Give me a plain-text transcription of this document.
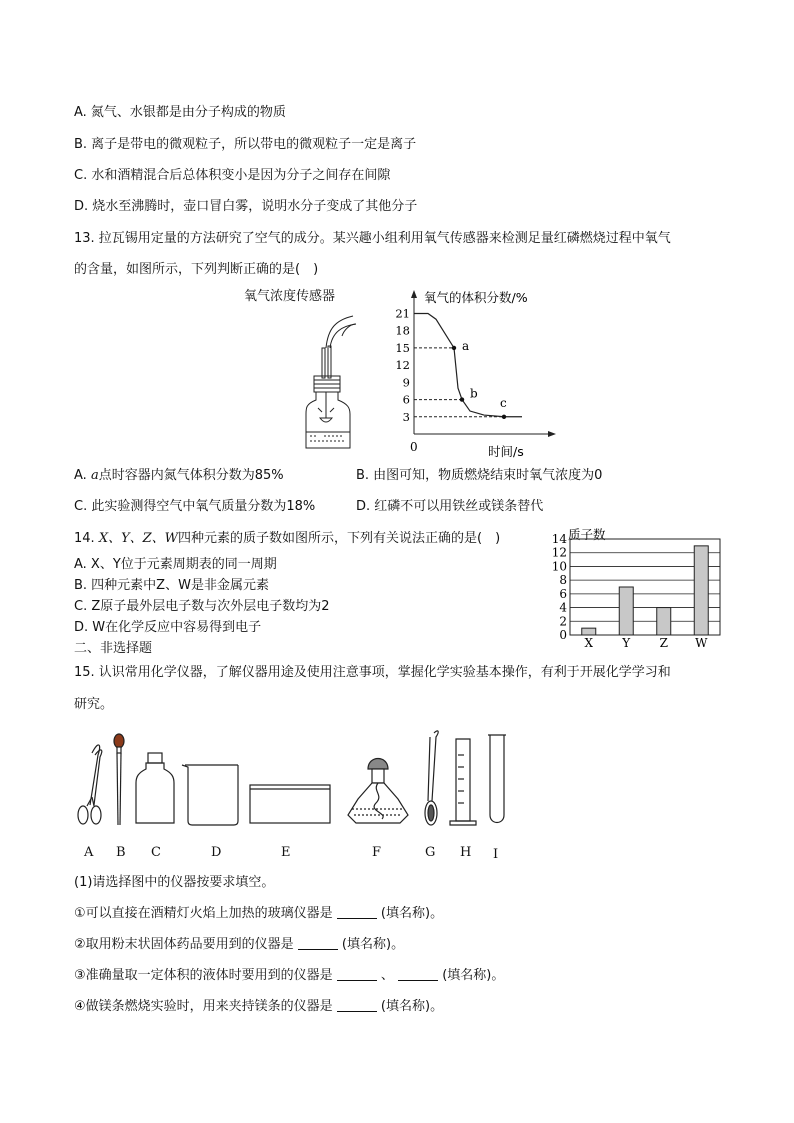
A. 氮气、水银都是由分子构成的物质
B. 离子是带电的微观粒子，所以带电的微观粒子一定是离子
C. 水和酒精混合后总体积变小是因为分子之间存在间隙
D. 烧水至沸腾时，壶口冒白雾，说明水分子变成了其他分子
13. 拉瓦锡用定量的方法研究了空气的成分。某兴趣小组利用氧气传感器来检测足量红磷燃烧过程中氧气
的含量，如图所示，下列判断正确的是(　)
氧气浓度传感器
3
6
9
12
15
18
21
a
b
c
氧气的体积分数/%
时间/s
0
A. a点时容器内氮气体积分数为85%	B. 由图可知，物质燃烧结束时氧气浓度为0
C. 此实验测得空气中氧气质量分数为18%	D. 红磷不可以用铁丝或镁条替代
14. X、Y、Z、W四种元素的质子数如图所示，下列有关说法正确的是(　)
A. X、Y位于元素周期表的同一周期
B. 四种元素中Z、W是非金属元素
C. Z原子最外层电子数与次外层电子数均为2
D. W在化学反应中容易得到电子
二、非选择题
质子数
0
2
4
6
8
10
12
14
X Y Z W
15. 认识常用化学仪器，了解仪器用途及使用注意事项，掌握化学实验基本操作，有利于开展化学学习和
研究。
A B C	D	E	F	G H I
(1)请选择图中的仪器按要求填空。
①可以直接在酒精灯火焰上加热的玻璃仪器是	(填名称)。
②取用粉末状固体药品要用到的仪器是	(填名称)。
③准确量取一定体积的液体时要用到的仪器是	、	(填名称)。
④做镁条燃烧实验时，用来夹持镁条的仪器是	(填名称)。
